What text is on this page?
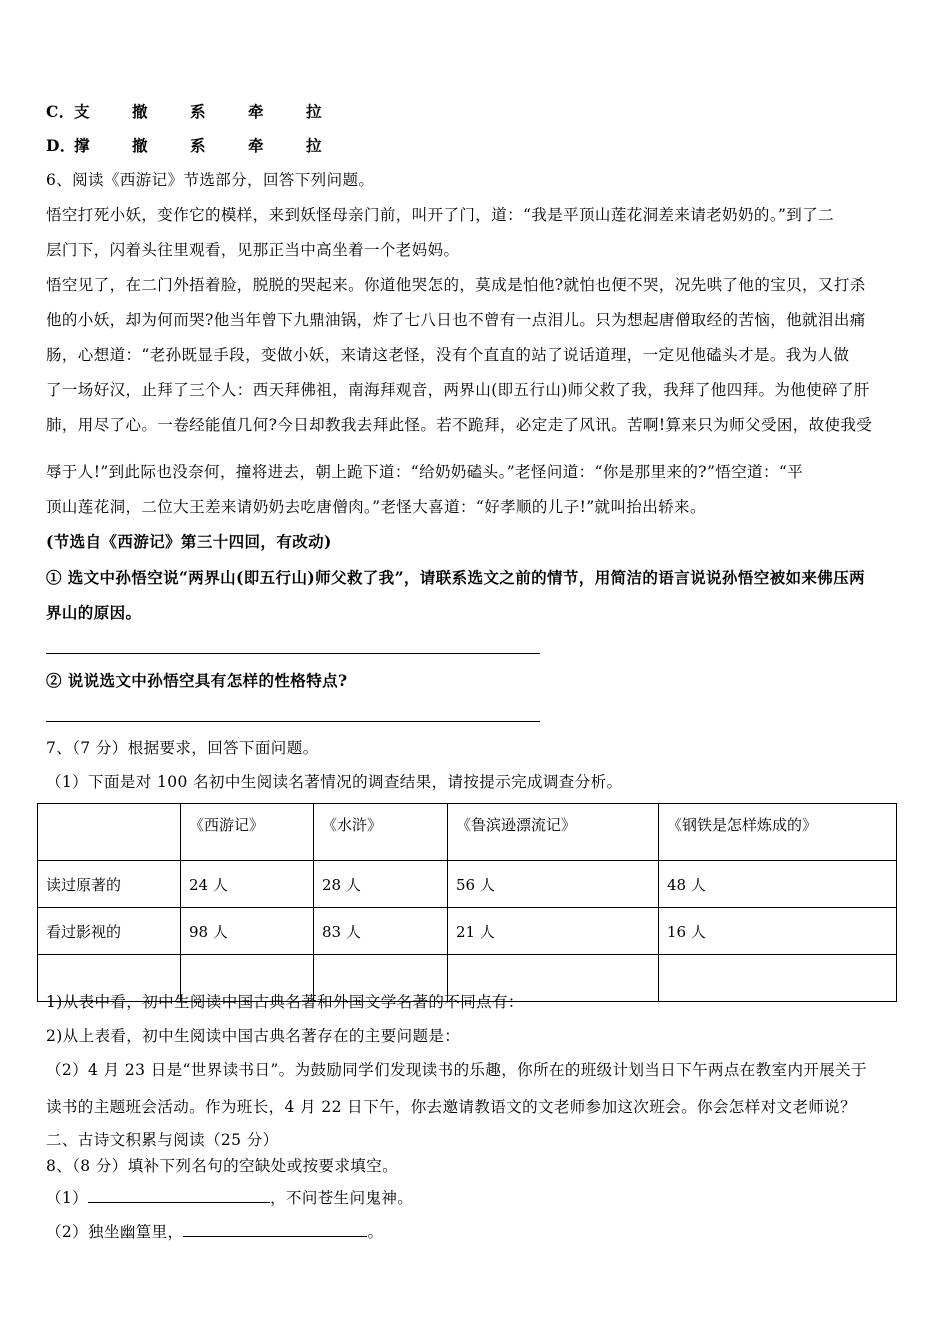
C．支	撤	系	牵	拉
D．撑	撤	系	牵	拉
6、阅读《西游记》节选部分，回答下列问题。
悟空打死小妖，变作它的模样，来到妖怪母亲门前，叫开了门，道：“我是平顶山莲花洞差来请老奶奶的。”到了二
层门下，闪着头往里观看，见那正当中高坐着一个老妈妈。
悟空见了，在二门外捂着脸，脱脱的哭起来。你道他哭怎的，莫成是怕他?就怕也便不哭，况先哄了他的宝贝，又打杀
他的小妖，却为何而哭?他当年曾下九鼎油锅，炸了七八日也不曾有一点泪儿。只为想起唐僧取经的苦恼，他就泪出痛
肠，心想道：“老孙既显手段，变做小妖，来请这老怪，没有个直直的站了说话道理，一定见他磕头才是。我为人做
了一场好汉，止拜了三个人：西天拜佛祖，南海拜观音，两界山(即五行山)师父救了我，我拜了他四拜。为他使碎了肝
肺，用尽了心。一卷经能值几何?今日却教我去拜此怪。若不跪拜，必定走了风讯。苦啊!算来只为师父受困，故使我受
辱于人!”到此际也没奈何，撞将进去，朝上跪下道：“给奶奶磕头。”老怪问道：“你是那里来的?”悟空道：“平
顶山莲花洞，二位大王差来请奶奶去吃唐僧肉。”老怪大喜道：“好孝顺的儿子!”就叫抬出轿来。
(节选自《西游记》第三十四回，有改动)
① 选文中孙悟空说“两界山(即五行山)师父救了我”，请联系选文之前的情节，用简洁的语言说说孙悟空被如来佛压两
界山的原因。
② 说说选文中孙悟空具有怎样的性格特点?
7、（7 分）根据要求，回答下面问题。
（1）下面是对 100 名初中生阅读名著情况的调查结果，请按提示完成调查分析。
	《西游记》	《水浒》	《鲁滨逊漂流记》	《钢铁是怎样炼成的》
读过原著的	24 人	28 人	56 人	48 人
看过影视的	98 人	83 人	21 人	16 人

1)从表中看，初中生阅读中国古典名著和外国文学名著的不同点有：
2)从上表看，初中生阅读中国古典名著存在的主要问题是：
（2）4 月 23 日是“世界读书日”。为鼓励同学们发现读书的乐趣，你所在的班级计划当日下午两点在教室内开展关于
读书的主题班会活动。作为班长，4 月 22 日下午，你去邀请教语文的文老师参加这次班会。你会怎样对文老师说？
二、古诗文积累与阅读（25 分）
8、（8 分）填补下列名句的空缺处或按要求填空。
（1）	，不问苍生问鬼神。
（2）独坐幽篁里，	。
